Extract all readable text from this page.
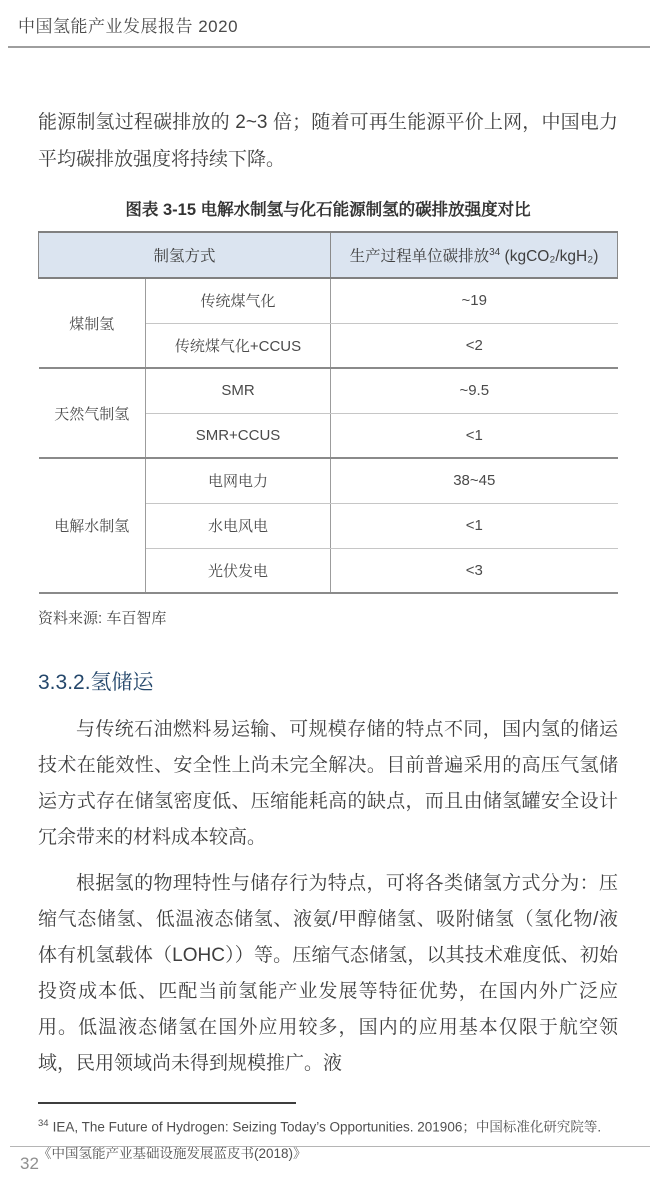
中国氢能产业发展报告 2020

能源制氢过程碳排放的 2~3 倍；随着可再生能源平价上网，中国电力平均碳排放强度将持续下降。

图表 3-15 电解水制氢与化石能源制氢的碳排放强度对比
制氢方式		生产过程单位碳排放$^{34}$ (kgCO₂/kgH₂)
煤制氢	传统煤气化	~19
	传统煤气化+CCUS	<2
天然气制氢	SMR	~9.5
	SMR+CCUS	<1
电解水制氢	电网电力	38~45
	水电风电	<1
	光伏发电	<3
资料来源: 车百智库
3.3.2.氢储运

与传统石油燃料易运输、可规模存储的特点不同，国内氢的储运技术在能效性、安全性上尚未完全解决。目前普遍采用的高压气氢储运方式存在储氢密度低、压缩能耗高的缺点，而且由储氢罐安全设计冗余带来的材料成本较高。

根据氢的物理特性与储存行为特点，可将各类储氢方式分为：压缩气态储氢、低温液态储氢、液氨/甲醇储氢、吸附储氢（氢化物/液体有机氢载体（LOHC））等。压缩气态储氢，以其技术难度低、初始投资成本低、匹配当前氢能产业发展等特征优势，在国内外广泛应用。低温液态储氢在国外应用较多，国内的应用基本仅限于航空领域，民用领域尚未得到规模推广。液

$^{34}$ IEA, The Future of Hydrogen: Seizing Today’s Opportunities. 201906；中国标准化研究院等.《中国氢能产业基础设施发展蓝皮书(2018)》

32
